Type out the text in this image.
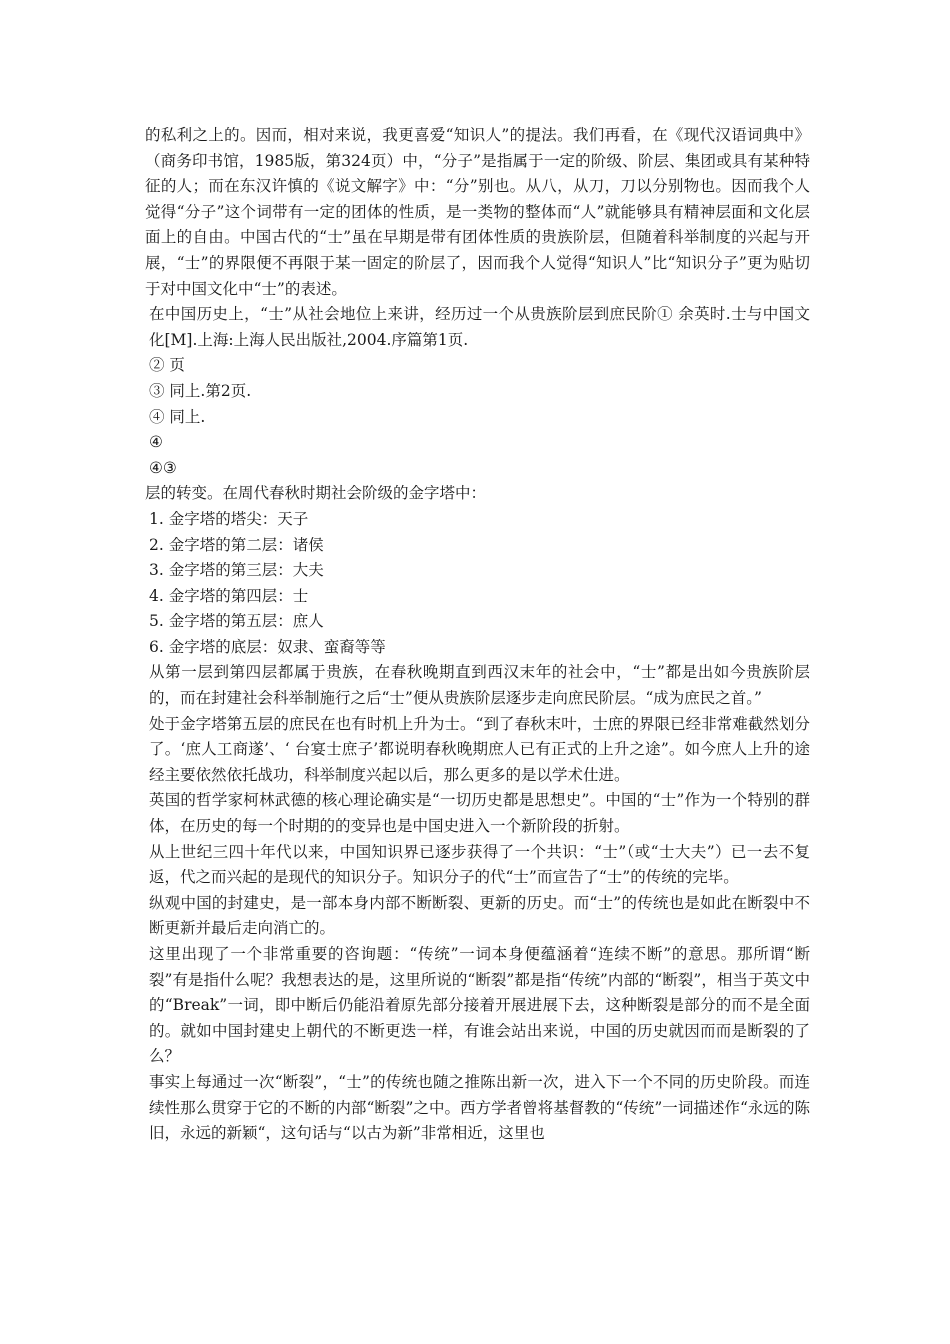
的私利之上的。因而，相对来说，我更喜爱“知识人”的提法。我们再看，在《现代汉语词典中》（商务印书馆，1985版，第324页）中，“分子”是指属于一定的阶级、阶层、集团或具有某种特征的人；而在东汉许慎的《说文解字》中：“分”别也。从八，从刀，刀以分别物也。因而我个人觉得“分子”这个词带有一定的团体的性质，是一类物的整体而“人”就能够具有精神层面和文化层面上的自由。中国古代的“士”虽在早期是带有团体性质的贵族阶层，但随着科举制度的兴起与开展，“士”的界限便不再限于某一固定的阶层了，因而我个人觉得“知识人”比“知识分子”更为贴切于对中国文化中“士”的表述。

在中国历史上，“士”从社会地位上来讲，经历过一个从贵族阶层到庶民阶① 余英时.士与中国文化[M].上海:上海人民出版社,2004.序篇第1页.

② 页

③ 同上.第2页.

④ 同上.

④

④③

层的转变。在周代春秋时期社会阶级的金字塔中：

1. 金字塔的塔尖：天子

2. 金字塔的第二层：诸侯

3. 金字塔的第三层：大夫

4. 金字塔的第四层：士

5. 金字塔的第五层：庶人

6. 金字塔的底层：奴隶、蛮裔等等

从第一层到第四层都属于贵族，在春秋晚期直到西汉末年的社会中，“士”都是出如今贵族阶层的，而在封建社会科举制施行之后“士”便从贵族阶层逐步走向庶民阶层。“成为庶民之首。”

处于金字塔第五层的庶民在也有时机上升为士。“到了春秋末叶，士庶的界限已经非常难截然划分了。‘庶人工商遂’、‘ 台宴士庶子’都说明春秋晚期庶人已有正式的上升之途”。如今庶人上升的途经主要依然依托战功，科举制度兴起以后，那么更多的是以学术仕进。

英国的哲学家柯林武德的核心理论确实是“一切历史都是思想史”。中国的“士”作为一个特别的群体，在历史的每一个时期的的变异也是中国史进入一个新阶段的折射。

从上世纪三四十年代以来，中国知识界已逐步获得了一个共识：“士”（或“士大夫”）已一去不复返，代之而兴起的是现代的知识分子。知识分子的代“士”而宣告了“士”的传统的完毕。

纵观中国的封建史，是一部本身内部不断断裂、更新的历史。而“士”的传统也是如此在断裂中不断更新并最后走向消亡的。

这里出现了一个非常重要的咨询题：“传统”一词本身便蕴涵着“连续不断”的意思。那所谓“断裂”有是指什么呢？我想表达的是，这里所说的“断裂”都是指“传统”内部的“断裂”，相当于英文中的“Break”一词，即中断后仍能沿着原先部分接着开展进展下去，这种断裂是部分的而不是全面的。就如中国封建史上朝代的不断更迭一样，有谁会站出来说，中国的历史就因而而是断裂的了么？

事实上每通过一次“断裂”，“士”的传统也随之推陈出新一次，进入下一个不同的历史阶段。而连续性那么贯穿于它的不断的内部“断裂”之中。西方学者曾将基督教的“传统”一词描述作“永远的陈旧，永远的新颖“，这句话与“以古为新”非常相近，这里也
